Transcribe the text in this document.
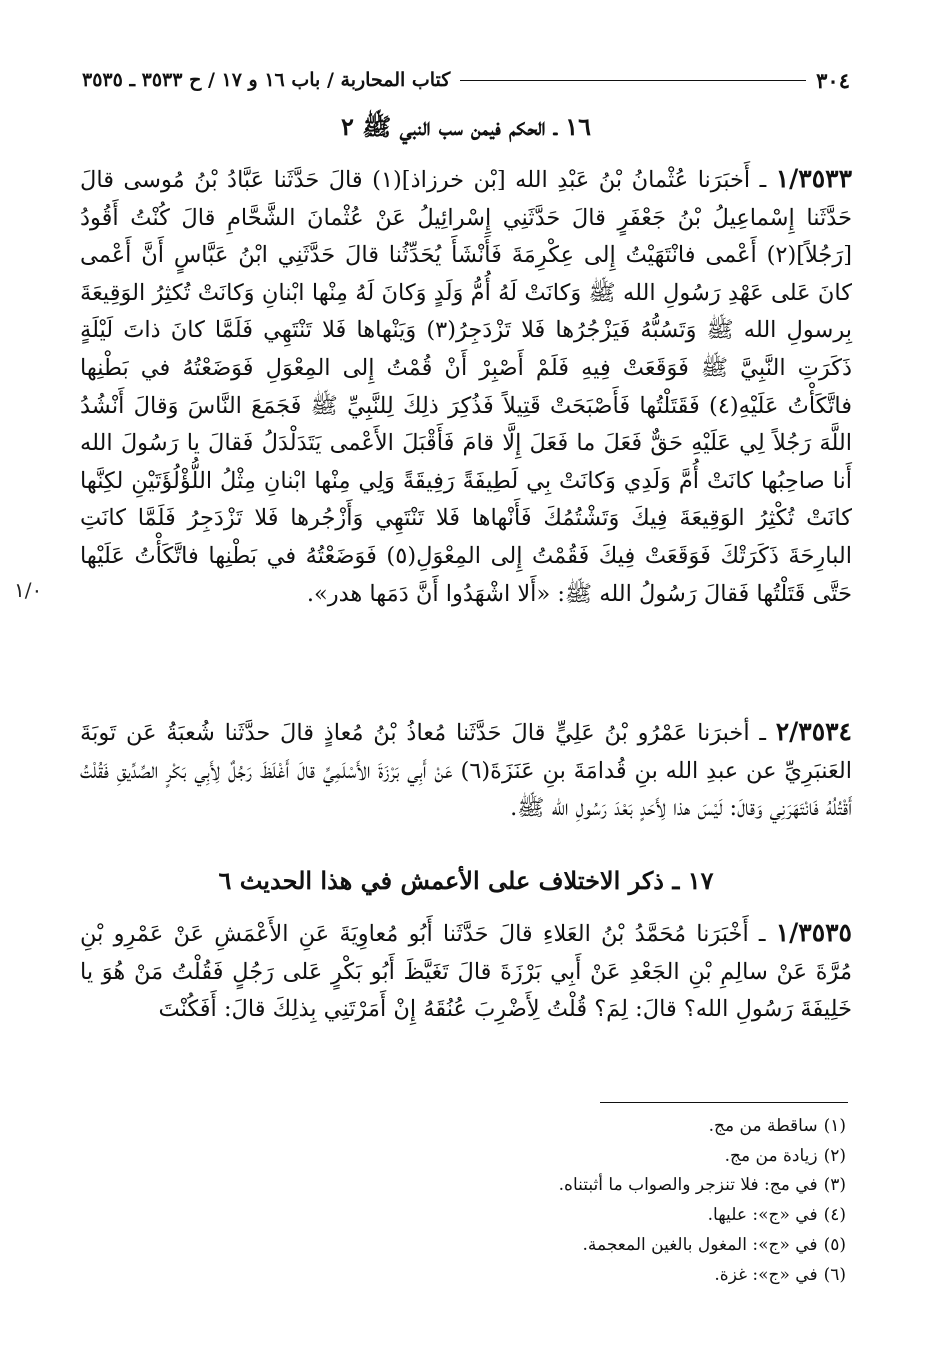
٣٠٤
كتاب المحاربة / باب ١٦ و ١٧ / ح ٣٥٣٣ ـ ٣٥٣٥
١٦ ـ الحكم فيمن سب النبي ﷺ ٢
١/٣٥٣٣ ـ أَخبَرَنا عُثْمانُ بْنُ عَبْدِ الله [بْن خرزاذ](١) قالَ حَدَّثَنا عَبَّادُ بْنُ مُوسى قالَ حَدَّثَنا إِسْماعِيلُ بْنُ جَعْفَرٍ قالَ حَدَّثَنِي إِسْرائِيلُ عَنْ عُثْمانَ الشَّحَّامِ قالَ كُنْتُ أَقُودُ [رَجُلاً](٢) أَعْمى فانْتَهَيْتُ إِلى عِكْرِمَةَ فَأَنْشَأَ يُحَدِّثُنا قالَ حَدَّثَنِي ابْنُ عَبَّاسٍ أَنَّ أَعْمى كانَ عَلى عَهْدِ رَسُولِ الله ﷺ وَكانَتْ لَهُ أُمُّ وَلَدٍ وَكانَ لَهُ مِنْها ابْنانِ وَكانَتْ تُكثِرُ الوَقِيعَةَ بِرسولِ الله ﷺ وَتَسُبُّهُ فَيَزْجُرُها فَلا تَزْدَجِرُ(٣) وَيَنْهاها فَلا تَنْتَهِي فَلَمَّا كانَ ذاتَ لَيْلَةٍ ذَكَرَتِ النَّبِيَّ ﷺ فَوَقَعَتْ فِيهِ فَلَمْ أَصْبِرْ أَنْ قُمْتُ إِلى المِعْوَلِ فَوَضَعْتُهُ في بَطْنِها فاتَّكَأْتُ عَلَيْهِ(٤) فَقَتَلْتُها فَأَصْبَحَتْ قَتِيلاً فَذُكِرَ ذلِكَ لِلنَّبِيِّ ﷺ فَجَمَعَ النَّاسَ وَقالَ أَنْشُدُ اللَّهَ رَجُلاً لِي عَلَيْهِ حَقٌّ فَعَلَ ما فَعَلَ إِلَّا قامَ فَأَقْبَلَ الأَعْمى يَتَدَلْدَلُ فَقالَ يا رَسُولَ الله أَنا صاحِبُها كانَتْ أُمَّ وَلَدِي وَكانَتْ بِي لَطِيفَةً رَفِيقَةً وَلِي مِنْها ابْنانِ مِثْلُ اللُّؤْلُؤَتَيْنِ لكِنَّها كانَتْ تُكْثِرُ الوَقِيعَةَ فِيكَ وَتَشْتُمُكَ فَأَنْهاها فَلا تَنْتَهِي وَأَزْجُرها فَلا تَزْدَجِرُ فَلَمَّا كانَتِ البارِحَةَ ذَكَرَتْكَ فَوَقَعَتْ فِيكَ فَقُمْتُ إِلى المِعْوَلِ(٥) فَوَضَعْتُهُ في بَطْنِها فاتَّكَأْتُ عَلَيْها حَتَّى قَتَلْتُها فَقالَ رَسُولُ الله ﷺ: «أَلا اشْهَدُوا أَنَّ دَمَها هدر».
١/٠
٢/٣٥٣٤ ـ أخبرَنا عَمْرُو بْنُ عَلِيٍّ قالَ حَدَّثَنا مُعاذُ بْنُ مُعاذٍ قالَ حدَّثَنا شُعبَةُ عَن تَوبَةَ العَنبَرِيِّ عن عبدِ الله بنِ قُدامَةَ بنِ عَنَزَةَ(٦) عَنْ أَبِي بَرْزَةَ الأَسْلَمِيِّ قالَ أَغْلَظَ رَجُلٌ لِأَبِي بَكْرٍ الصِّدِّيقِ فَقُلْتُ أَقْتُلُهُ فَانْتَهَرَنِي وَقالَ: لَيْسَ هذا لِأَحَدٍ بَعْدَ رَسُولِ الله ﷺ.
١٧ ـ ذكر الاختلاف على الأعمش في هذا الحديث ٦
١/٣٥٣٥ ـ أَخْبَرَنا مُحَمَّدُ بْنُ العَلاءِ قالَ حَدَّثَنا أَبُو مُعاوِيَةَ عَنِ الأَعْمَشِ عَنْ عَمْرِو بْنِ مُرَّةَ عَنْ سالِمِ بْنِ الجَعْدِ عَنْ أَبِي بَرْزَةَ قالَ تَغَيَّظَ أَبُو بَكْرٍ عَلى رَجُلٍ فَقُلْتُ مَنْ هُوَ يا خَلِيفَةَ رَسُولِ الله؟ قالَ: لِمَ؟ قُلْتُ لِأَضْرِبَ عُنُقَهُ إِنْ أَمَرْتَنِي بِذلِكَ قالَ: أَفَكُنْتَ
(١)ساقطة من مج.
(٢)زيادة من مج.
(٣)في مج: فلا تنزجر والصواب ما أثبتناه.
(٤)في «ج»: عليها.
(٥)في «ج»: المغول بالغين المعجمة.
(٦)في «ج»: غزة.
